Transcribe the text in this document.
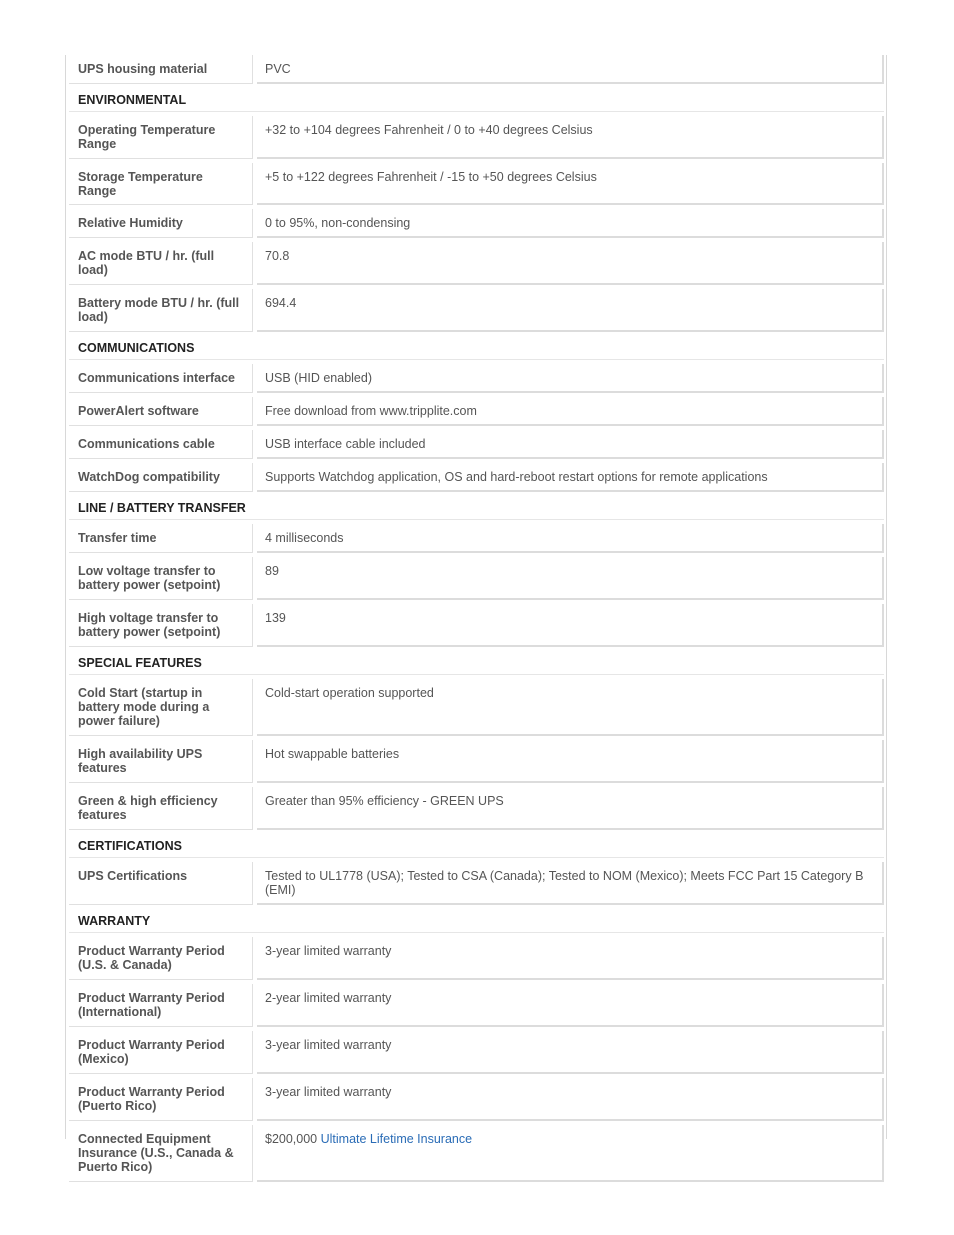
UPS housing material		PVC
ENVIRONMENTAL		
Operating Temperature Range		+32 to +104 degrees Fahrenheit / 0 to +40 degrees Celsius
Storage Temperature Range		+5 to +122 degrees Fahrenheit / -15 to +50 degrees Celsius
Relative Humidity		0 to 95%, non-condensing
AC mode BTU / hr. (full load)		70.8
Battery mode BTU / hr. (full load)		694.4
COMMUNICATIONS		
Communications interface		USB (HID enabled)
PowerAlert software		Free download from www.tripplite.com
Communications cable		USB interface cable included
WatchDog compatibility		Supports Watchdog application, OS and hard-reboot restart options for remote applications
LINE / BATTERY TRANSFER		
Transfer time		4 milliseconds
Low voltage transfer to battery power (setpoint)		89
High voltage transfer to battery power (setpoint)		139
SPECIAL FEATURES		
Cold Start (startup in battery mode during a power failure)		Cold-start operation supported
High availability UPS features		Hot swappable batteries
Green & high efficiency features		Greater than 95% efficiency - GREEN UPS
CERTIFICATIONS		
UPS Certifications		Tested to UL1778 (USA); Tested to CSA (Canada); Tested to NOM (Mexico); Meets FCC Part 15 Category B (EMI)
WARRANTY		
Product Warranty Period (U.S. & Canada)		3-year limited warranty
Product Warranty Period (International)		2-year limited warranty
Product Warranty Period (Mexico)		3-year limited warranty
Product Warranty Period (Puerto Rico)		3-year limited warranty
Connected Equipment Insurance (U.S., Canada & Puerto Rico)		$200,000 Ultimate Lifetime Insurance
